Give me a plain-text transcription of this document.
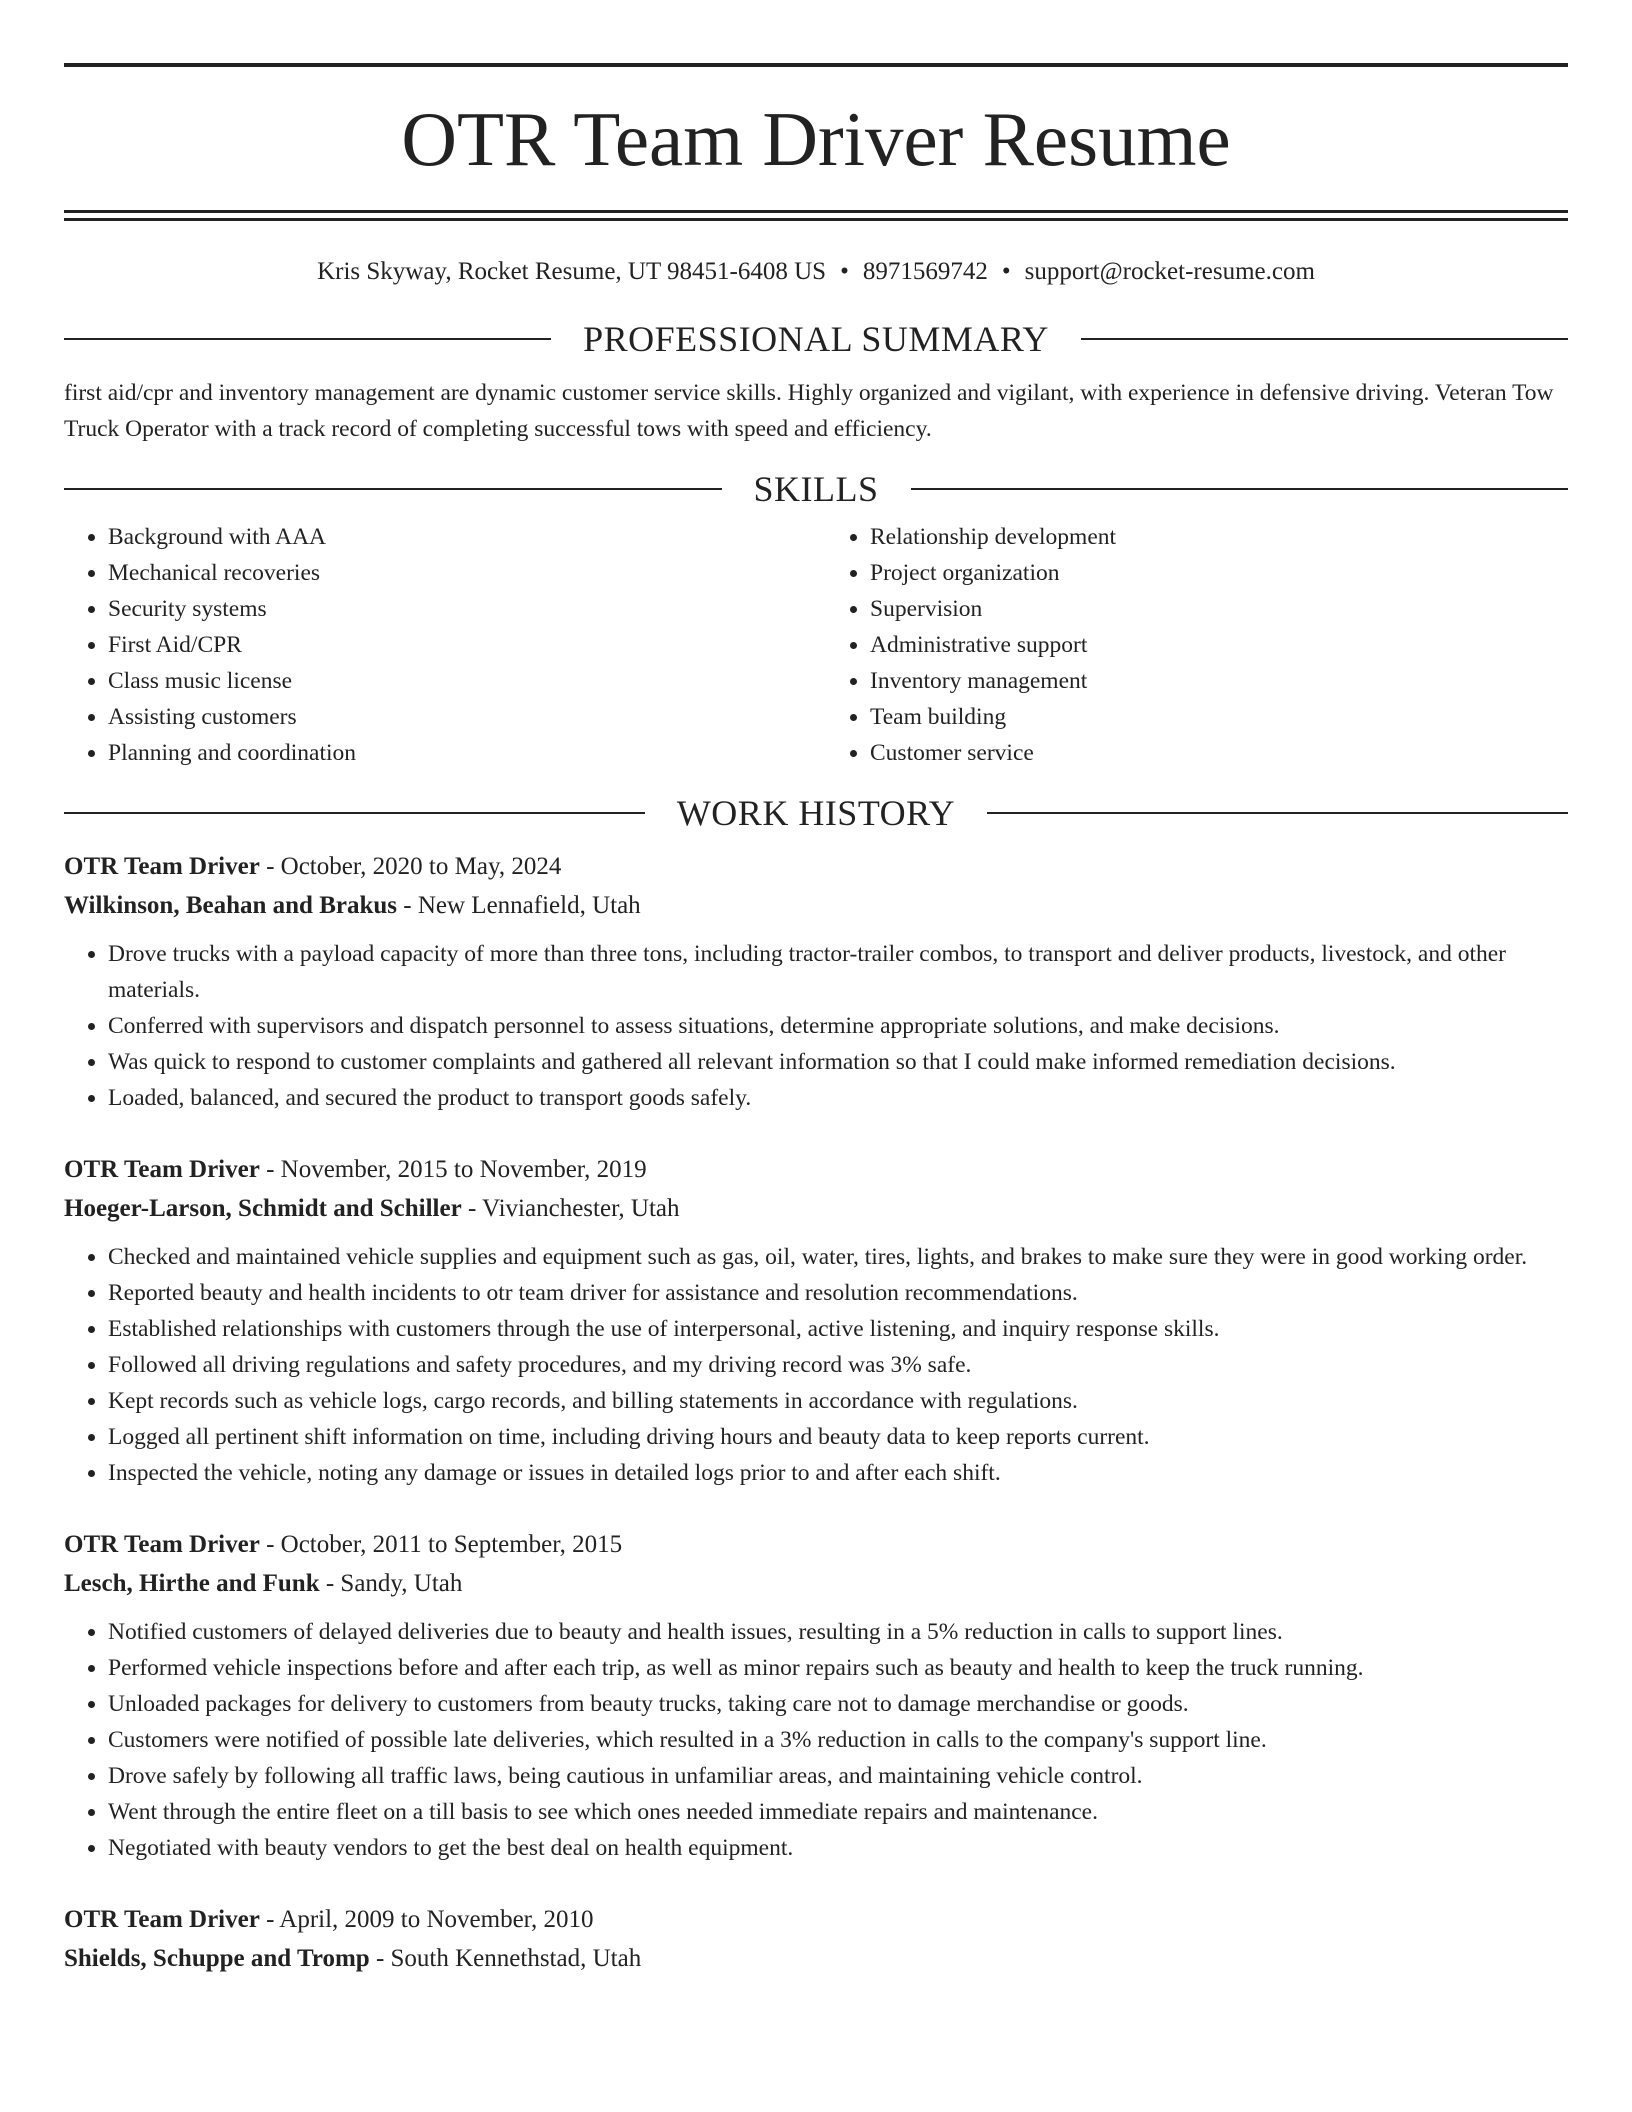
OTR Team Driver Resume
Kris Skyway, Rocket Resume, UT 98451-6408 US • 8971569742 • support@rocket-resume.com
PROFESSIONAL SUMMARY

first aid/cpr and inventory management are dynamic customer service skills. Highly organized and vigilant, with experience in defensive driving. Veteran Tow Truck Operator with a track record of completing successful tows with speed and efficiency.

SKILLS
• Background with AAA
• Mechanical recoveries
• Security systems
• First Aid/CPR
• Class music license
• Assisting customers
• Planning and coordination
• Relationship development
• Project organization
• Supervision
• Administrative support
• Inventory management
• Team building
• Customer service
WORK HISTORY
OTR Team Driver - October, 2020 to May, 2024
Wilkinson, Beahan and Brakus - New Lennafield, Utah
• Drove trucks with a payload capacity of more than three tons, including tractor-trailer combos, to transport and deliver products, livestock, and other materials.
• Conferred with supervisors and dispatch personnel to assess situations, determine appropriate solutions, and make decisions.
• Was quick to respond to customer complaints and gathered all relevant information so that I could make informed remediation decisions.
• Loaded, balanced, and secured the product to transport goods safely.
OTR Team Driver - November, 2015 to November, 2019
Hoeger-Larson, Schmidt and Schiller - Vivianchester, Utah
• Checked and maintained vehicle supplies and equipment such as gas, oil, water, tires, lights, and brakes to make sure they were in good working order.
• Reported beauty and health incidents to otr team driver for assistance and resolution recommendations.
• Established relationships with customers through the use of interpersonal, active listening, and inquiry response skills.
• Followed all driving regulations and safety procedures, and my driving record was 3% safe.
• Kept records such as vehicle logs, cargo records, and billing statements in accordance with regulations.
• Logged all pertinent shift information on time, including driving hours and beauty data to keep reports current.
• Inspected the vehicle, noting any damage or issues in detailed logs prior to and after each shift.
OTR Team Driver - October, 2011 to September, 2015
Lesch, Hirthe and Funk - Sandy, Utah
• Notified customers of delayed deliveries due to beauty and health issues, resulting in a 5% reduction in calls to support lines.
• Performed vehicle inspections before and after each trip, as well as minor repairs such as beauty and health to keep the truck running.
• Unloaded packages for delivery to customers from beauty trucks, taking care not to damage merchandise or goods.
• Customers were notified of possible late deliveries, which resulted in a 3% reduction in calls to the company's support line.
• Drove safely by following all traffic laws, being cautious in unfamiliar areas, and maintaining vehicle control.
• Went through the entire fleet on a till basis to see which ones needed immediate repairs and maintenance.
• Negotiated with beauty vendors to get the best deal on health equipment.
OTR Team Driver - April, 2009 to November, 2010
Shields, Schuppe and Tromp - South Kennethstad, Utah
